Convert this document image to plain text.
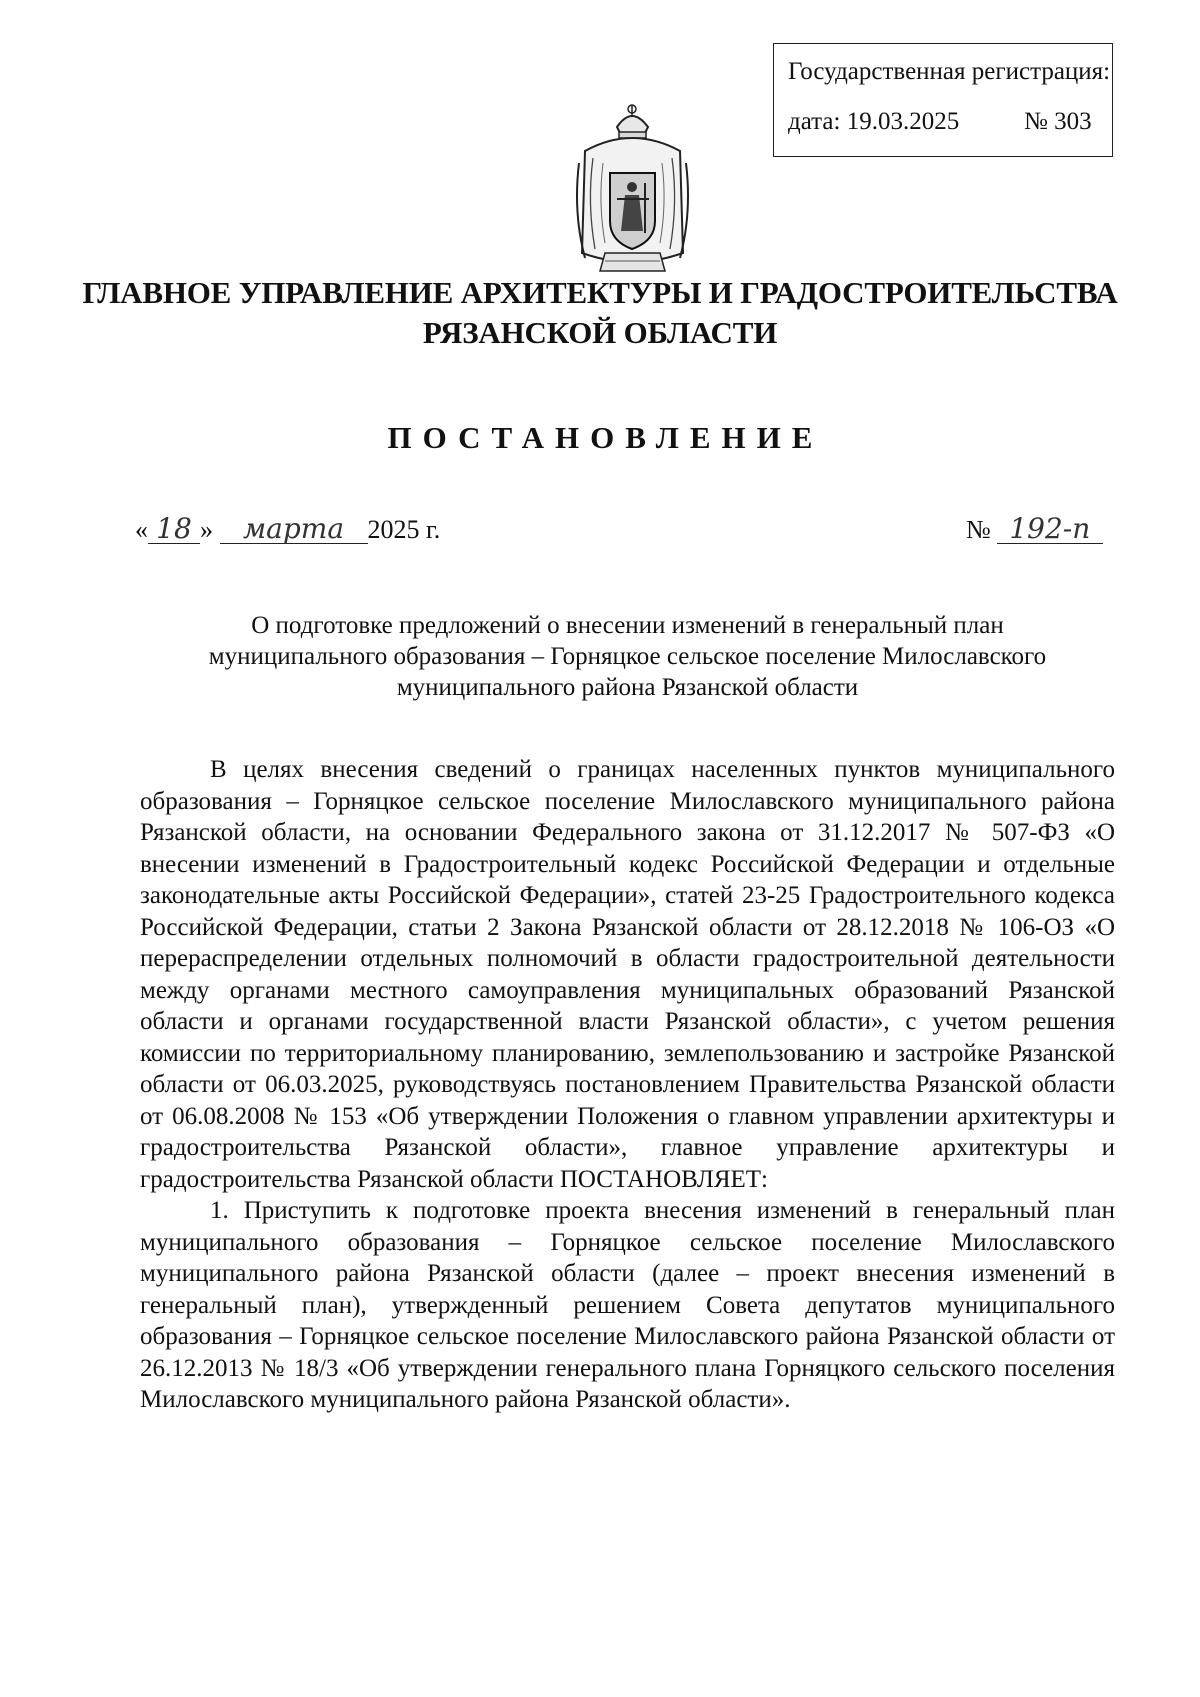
Государственная регистрация:
дата: 19.03.2025	№ 303
ГЛАВНОЕ УПРАВЛЕНИЕ АРХИТЕКТУРЫ И ГРАДОСТРОИТЕЛЬСТВА
РЯЗАНСКОЙ ОБЛАСТИ
ПОСТАНОВЛЕНИЕ
« 18 » марта 2025 г.	№ 192-п
О подготовке предложений о внесении изменений в генеральный план
муниципального образования – Горняцкое сельское поселение Милославского
муниципального района Рязанской области

В целях внесения сведений о границах населенных пунктов муниципального образования – Горняцкое сельское поселение Милославского муниципального района Рязанской области, на основании Федерального закона от 31.12.2017 № 507-ФЗ «О внесении изменений в Градостроительный кодекс Российской Федерации и отдельные законодательные акты Российской Федерации», статей 23-25 Градостроительного кодекса Российской Федерации, статьи 2 Закона Рязанской области от 28.12.2018 № 106-ОЗ «О перераспределении отдельных полномочий в области градостроительной деятельности между органами местного самоуправления муниципальных образований Рязанской области и органами государственной власти Рязанской области», с учетом решения комиссии по территориальному планированию, землепользованию и застройке Рязанской области от 06.03.2025, руководствуясь постановлением Правительства Рязанской области от 06.08.2008 № 153 «Об утверждении Положения о главном управлении архитектуры и градостроительства Рязанской области», главное управление архитектуры и градостроительства Рязанской области ПОСТАНОВЛЯЕТ:

1. Приступить к подготовке проекта внесения изменений в генеральный план муниципального образования – Горняцкое сельское поселение Милославского муниципального района Рязанской области (далее – проект внесения изменений в генеральный план), утвержденный решением Совета депутатов муниципального образования – Горняцкое сельское поселение Милославского района Рязанской области от 26.12.2013 № 18/3 «Об утверждении генерального плана Горняцкого сельского поселения Милославского муниципального района Рязанской области».
